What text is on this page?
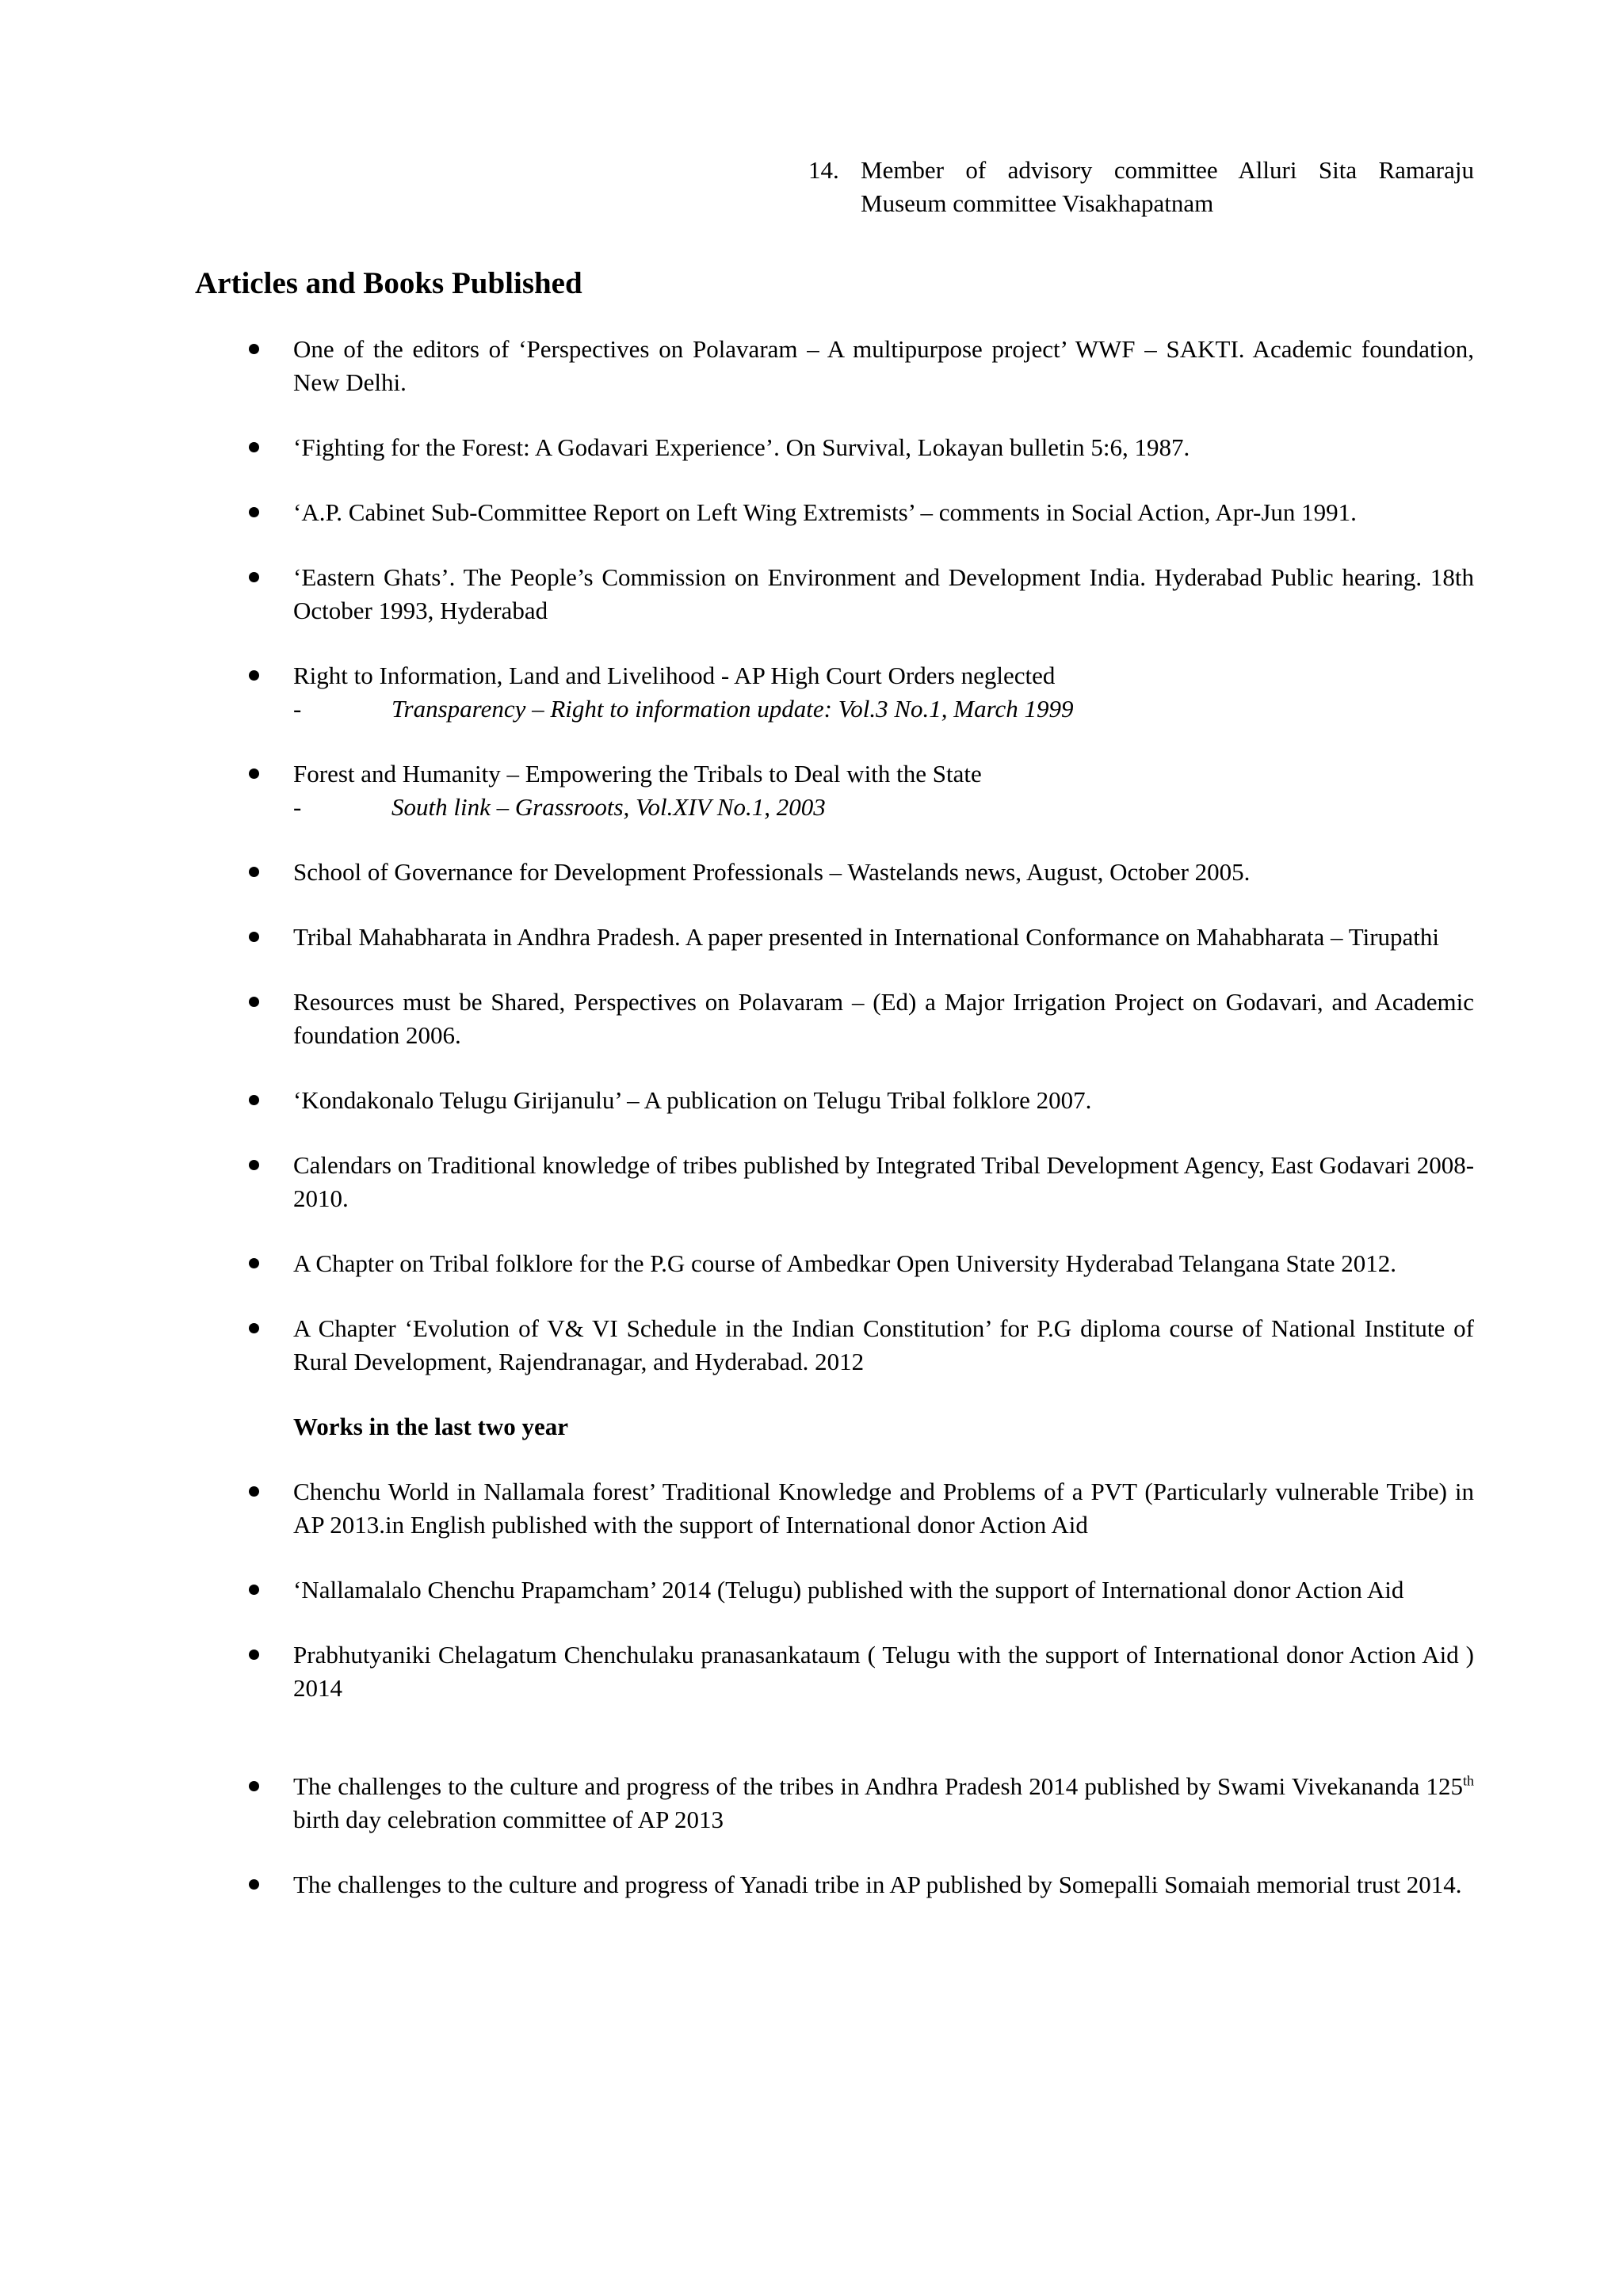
14. Member of advisory committee Alluri Sita Ramaraju
Museum committee Visakhapatnam
Articles and Books Published
One of the editors of ‘Perspectives on Polavaram – A multipurpose project’ WWF – SAKTI. Academic foundation, New Delhi.
‘Fighting for the Forest: A Godavari Experience’. On Survival, Lokayan bulletin 5:6, 1987.
‘A.P. Cabinet Sub-Committee Report on Left Wing Extremists’ – comments in Social Action, Apr-Jun 1991.
‘Eastern Ghats’. The People’s Commission on Environment and Development India. Hyderabad Public hearing. 18th October 1993, Hyderabad
Right to Information, Land and Livelihood - AP High Court Orders neglected
-	Transparency – Right to information update: Vol.3 No.1, March 1999
Forest and Humanity – Empowering the Tribals to Deal with the State
-	South link – Grassroots, Vol.XIV No.1, 2003
School of Governance for Development Professionals – Wastelands news, August, October 2005.
Tribal Mahabharata in Andhra Pradesh. A paper presented in International Conformance on Mahabharata – Tirupathi
Resources must be Shared, Perspectives on Polavaram – (Ed) a Major Irrigation Project on Godavari, and Academic foundation 2006.
‘Kondakonalo Telugu Girijanulu’ – A publication on Telugu Tribal folklore 2007.
Calendars on Traditional knowledge of tribes published by Integrated Tribal Development Agency, East Godavari 2008-2010.
A Chapter on Tribal folklore for the P.G course of Ambedkar Open University Hyderabad Telangana State 2012.
A Chapter ‘Evolution of V& VI Schedule in the Indian Constitution’ for P.G diploma course of National Institute of Rural Development, Rajendranagar, and Hyderabad. 2012
Works in the last two year
Chenchu World in Nallamala forest’ Traditional Knowledge and Problems of a PVT (Particularly vulnerable Tribe) in AP 2013.in English published with the support of International donor Action Aid
‘Nallamalalo Chenchu Prapamcham’ 2014 (Telugu) published with the support of International donor Action Aid
Prabhutyaniki Chelagatum Chenchulaku pranasankataum ( Telugu with the support of International donor Action Aid ) 2014
The challenges to the culture and progress of the tribes in Andhra Pradesh 2014 published by Swami Vivekananda 125th birth day celebration committee of AP 2013
The challenges to the culture and progress of Yanadi tribe in AP published by Somepalli Somaiah memorial trust 2014.
